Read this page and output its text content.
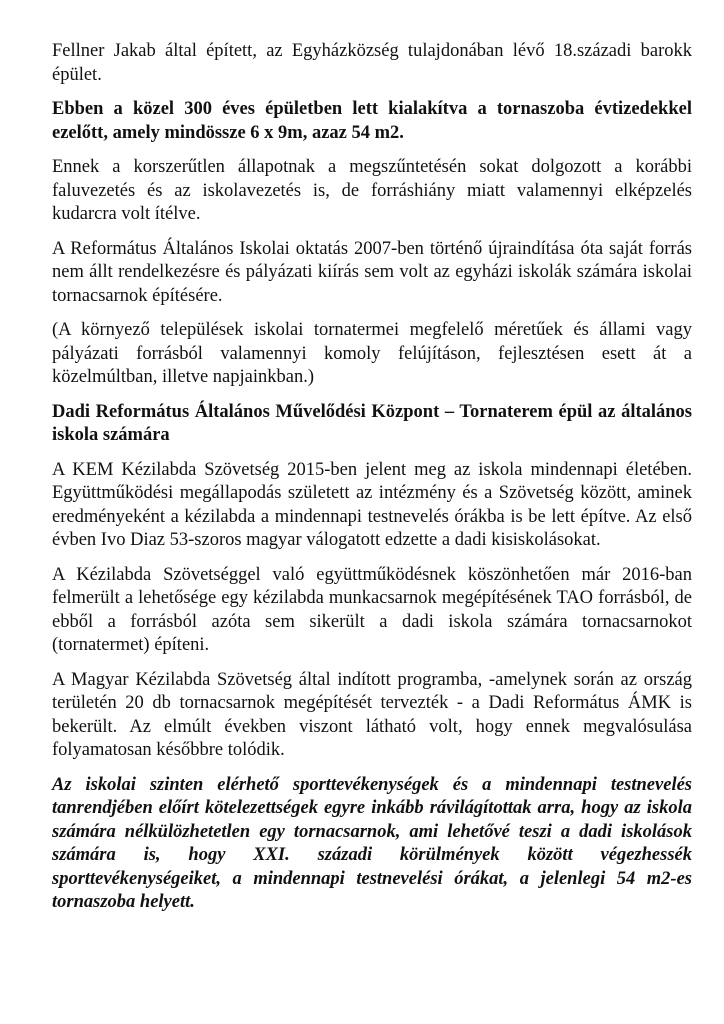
Fellner Jakab által épített, az Egyházközség tulajdonában lévő 18.századi barokk épület.

Ebben a közel 300 éves épületben lett kialakítva a tornaszoba évtizedekkel ezelőtt, amely mindössze 6 x 9m, azaz 54 m2.

Ennek a korszerűtlen állapotnak a megszűntetésén sokat dolgozott a korábbi faluvezetés és az iskolavezetés is, de forráshiány miatt valamennyi elképzelés kudarcra volt ítélve.

A Református Általános Iskolai oktatás 2007-ben történő újraindítása óta saját forrás nem állt rendelkezésre és pályázati kiírás sem volt az egyházi iskolák számára iskolai tornacsarnok építésére.

(A környező települések iskolai tornatermei megfelelő méretűek és állami vagy pályázati forrásból valamennyi komoly felújításon, fejlesztésen esett át a közelmúltban, illetve napjainkban.)

Dadi Református Általános Művelődési Központ – Tornaterem épül az általános iskola számára

A KEM Kézilabda Szövetség 2015-ben jelent meg az iskola mindennapi életében. Együttműködési megállapodás született az intézmény és a Szövetség között, aminek eredményeként a kézilabda a mindennapi testnevelés órákba is be lett építve. Az első évben Ivo Diaz 53-szoros magyar válogatott edzette a dadi kisiskolásokat.

A Kézilabda Szövetséggel való együttműködésnek köszönhetően már 2016-ban felmerült a lehetősége egy kézilabda munkacsarnok megépítésének TAO forrásból, de ebből a forrásból azóta sem sikerült a dadi iskola számára tornacsarnokot (tornatermet) építeni.

A Magyar Kézilabda Szövetség által indított programba, -amelynek során az ország területén 20 db tornacsarnok megépítését tervezték - a Dadi Református ÁMK is bekerült. Az elmúlt években viszont látható volt, hogy ennek megvalósulása folyamatosan későbbre tolódik.

Az iskolai szinten elérhető sporttevékenységek és a mindennapi testnevelés tanrendjében előírt kötelezettségek egyre inkább rávilágítottak arra, hogy az iskola számára nélkülözhetetlen egy tornacsarnok, ami lehetővé teszi a dadi iskolások számára is, hogy XXI. századi körülmények között végezhessék sporttevékenységeiket, a mindennapi testnevelési órákat, a jelenlegi 54 m2-es tornaszoba helyett.
